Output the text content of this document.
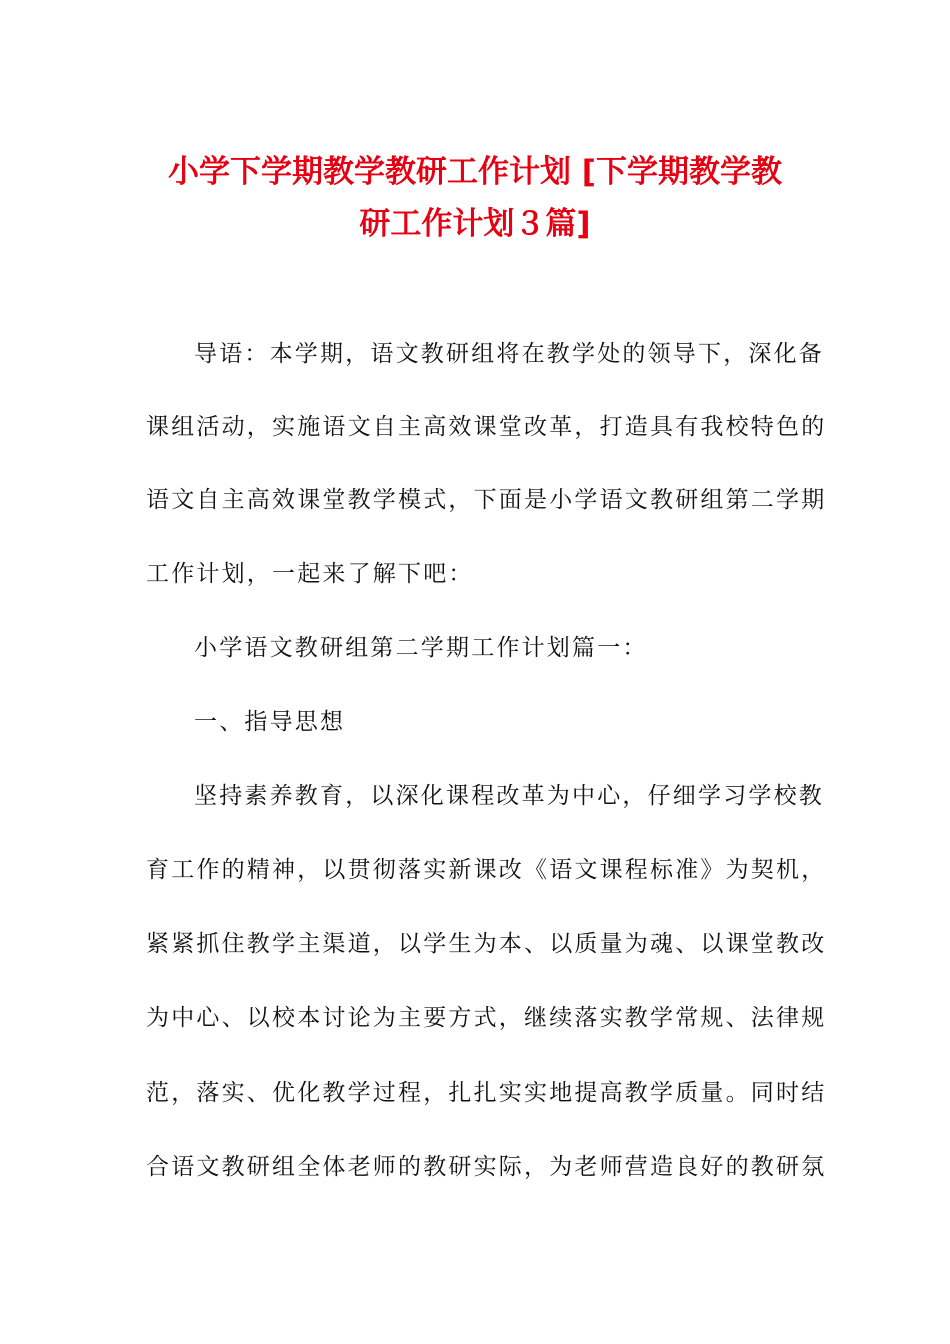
小学下学期教学教研工作计划 [下学期教学教
研工作计划３篇]
导语：本学期，语文教研组将在教学处的领导下，深化备
课组活动，实施语文自主高效课堂改革，打造具有我校特色的
语文自主高效课堂教学模式，下面是小学语文教研组第二学期
工作计划，一起来了解下吧：
小学语文教研组第二学期工作计划篇一：
一、指导思想
坚持素养教育，以深化课程改革为中心，仔细学习学校教
育工作的精神，以贯彻落实新课改《语文课程标准》为契机，
紧紧抓住教学主渠道，以学生为本、以质量为魂、以课堂教改
为中心、以校本讨论为主要方式，继续落实教学常规、法律规
范，落实、优化教学过程，扎扎实实地提高教学质量。同时结
合语文教研组全体老师的教研实际，为老师营造良好的教研氛
